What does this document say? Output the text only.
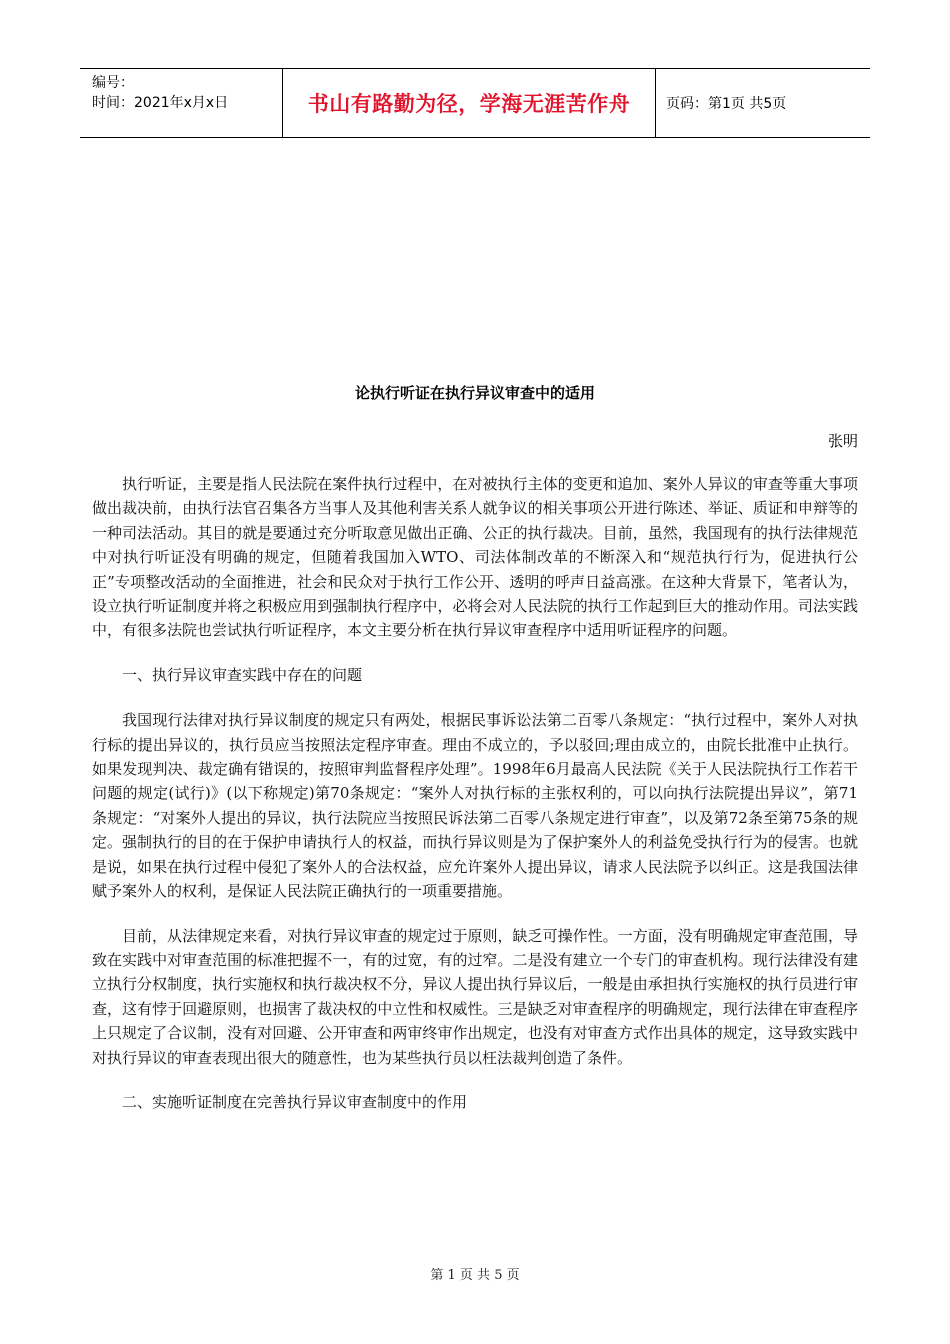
编号：
时间：2021年x月x日	书山有路勤为径，学海无涯苦作舟	页码：第1页 共5页
论执行听证在执行异议审查中的适用
张明

执行听证，主要是指人民法院在案件执行过程中，在对被执行主体的变更和追加、案外人异议的审查等重大事项做出裁决前，由执行法官召集各方当事人及其他利害关系人就争议的相关事项公开进行陈述、举证、质证和申辩等的一种司法活动。其目的就是要通过充分听取意见做出正确、公正的执行裁决。目前，虽然，我国现有的执行法律规范中对执行听证没有明确的规定，但随着我国加入WTO、司法体制改革的不断深入和“规范执行行为，促进执行公正”专项整改活动的全面推进，社会和民众对于执行工作公开、透明的呼声日益高涨。在这种大背景下，笔者认为，设立执行听证制度并将之积极应用到强制执行程序中，必将会对人民法院的执行工作起到巨大的推动作用。司法实践中，有很多法院也尝试执行听证程序，本文主要分析在执行异议审查程序中适用听证程序的问题。

一、执行异议审查实践中存在的问题

我国现行法律对执行异议制度的规定只有两处，根据民事诉讼法第二百零八条规定：“执行过程中，案外人对执行标的提出异议的，执行员应当按照法定程序审查。理由不成立的，予以驳回;理由成立的，由院长批准中止执行。如果发现判决、裁定确有错误的，按照审判监督程序处理”。1998年6月最高人民法院《关于人民法院执行工作若干问题的规定(试行)》(以下称规定)第70条规定：“案外人对执行标的主张权利的，可以向执行法院提出异议”，第71条规定：“对案外人提出的异议，执行法院应当按照民诉法第二百零八条规定进行审查”，以及第72条至第75条的规定。强制执行的目的在于保护申请执行人的权益，而执行异议则是为了保护案外人的利益免受执行行为的侵害。也就是说，如果在执行过程中侵犯了案外人的合法权益，应允许案外人提出异议，请求人民法院予以纠正。这是我国法律赋予案外人的权利，是保证人民法院正确执行的一项重要措施。

目前，从法律规定来看，对执行异议审查的规定过于原则，缺乏可操作性。一方面，没有明确规定审查范围，导致在实践中对审查范围的标准把握不一，有的过宽，有的过窄。二是没有建立一个专门的审查机构。现行法律没有建立执行分权制度，执行实施权和执行裁决权不分，异议人提出执行异议后，一般是由承担执行实施权的执行员进行审查，这有悖于回避原则，也损害了裁决权的中立性和权威性。三是缺乏对审查程序的明确规定，现行法律在审查程序上只规定了合议制，没有对回避、公开审查和两审终审作出规定，也没有对审查方式作出具体的规定，这导致实践中对执行异议的审查表现出很大的随意性，也为某些执行员以枉法裁判创造了条件。

二、实施听证制度在完善执行异议审查制度中的作用

第 1 页 共 5 页
